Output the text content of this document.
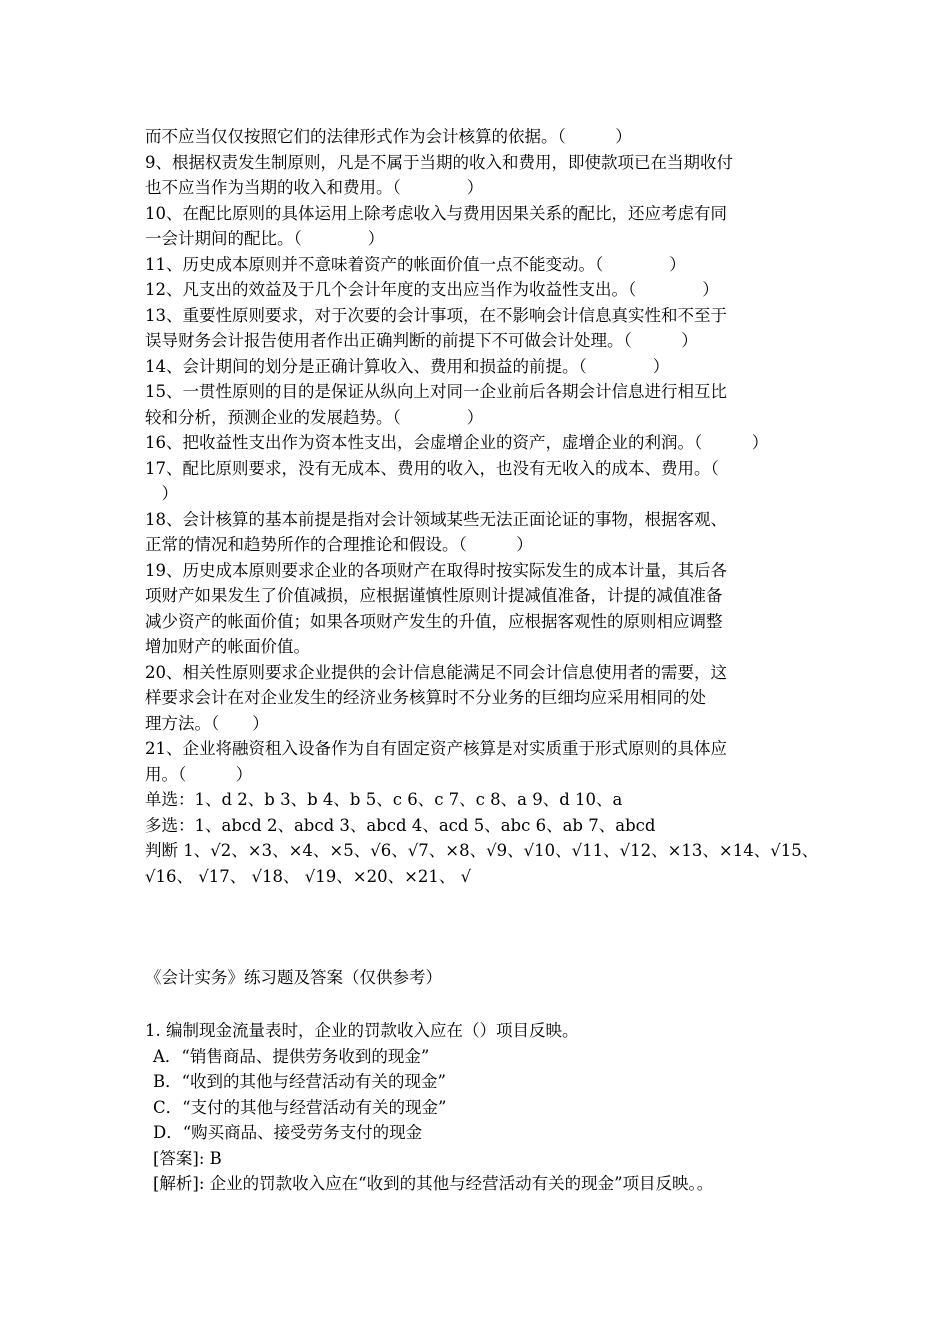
而不应当仅仅按照它们的法律形式作为会计核算的依据。（　　　）
9、根据权责发生制原则，凡是不属于当期的收入和费用，即使款项已在当期收付
也不应当作为当期的收入和费用。（　　　　）
10、在配比原则的具体运用上除考虑收入与费用因果关系的配比，还应考虑有同
一会计期间的配比。（　　　　）
11、历史成本原则并不意味着资产的帐面价值一点不能变动。（　　　　）
12、凡支出的效益及于几个会计年度的支出应当作为收益性支出。（　　　　）
13、重要性原则要求，对于次要的会计事项，在不影响会计信息真实性和不至于
误导财务会计报告使用者作出正确判断的前提下不可做会计处理。（　　　）
14、会计期间的划分是正确计算收入、费用和损益的前提。（　　　　）
15、一贯性原则的目的是保证从纵向上对同一企业前后各期会计信息进行相互比
较和分析，预测企业的发展趋势。（　　　　）
16、把收益性支出作为资本性支出，会虚增企业的资产，虚增企业的利润。（　　　）
17、配比原则要求，没有无成本、费用的收入，也没有无收入的成本、费用。（
　）
18、会计核算的基本前提是指对会计领域某些无法正面论证的事物，根据客观、
正常的情况和趋势所作的合理推论和假设。（　　　）
19、历史成本原则要求企业的各项财产在取得时按实际发生的成本计量，其后各
项财产如果发生了价值减损，应根据谨慎性原则计提减值准备，计提的减值准备
减少资产的帐面价值；如果各项财产发生的升值，应根据客观性的原则相应调整
增加财产的帐面价值。
20、相关性原则要求企业提供的会计信息能满足不同会计信息使用者的需要，这
样要求会计在对企业发生的经济业务核算时不分业务的巨细均应采用相同的处
理方法。（　　）
21、企业将融资租入设备作为自有固定资产核算是对实质重于形式原则的具体应
用。（　　　）
单选：1、d 2、b 3、b 4、b 5、c 6、c 7、c 8、a 9、d 10、a
多选：1、abcd 2、abcd 3、abcd 4、acd 5、abc 6、ab 7、abcd
判断 1、√2、×3、×4、×5、√6、√7、×8、√9、√10、√11、√12、×13、×14、√15、
√16、 √17、 √18、 √19、×20、×21、 √
《会计实务》练习题及答案（仅供参考）
1. 编制现金流量表时，企业的罚款收入应在（）项目反映。
A．“销售商品、提供劳务收到的现金”
B．“收到的其他与经营活动有关的现金”
C．“支付的其他与经营活动有关的现金”
D．“购买商品、接受劳务支付的现金
[答案]: B
[解析]: 企业的罚款收入应在“收到的其他与经营活动有关的现金”项目反映。。
